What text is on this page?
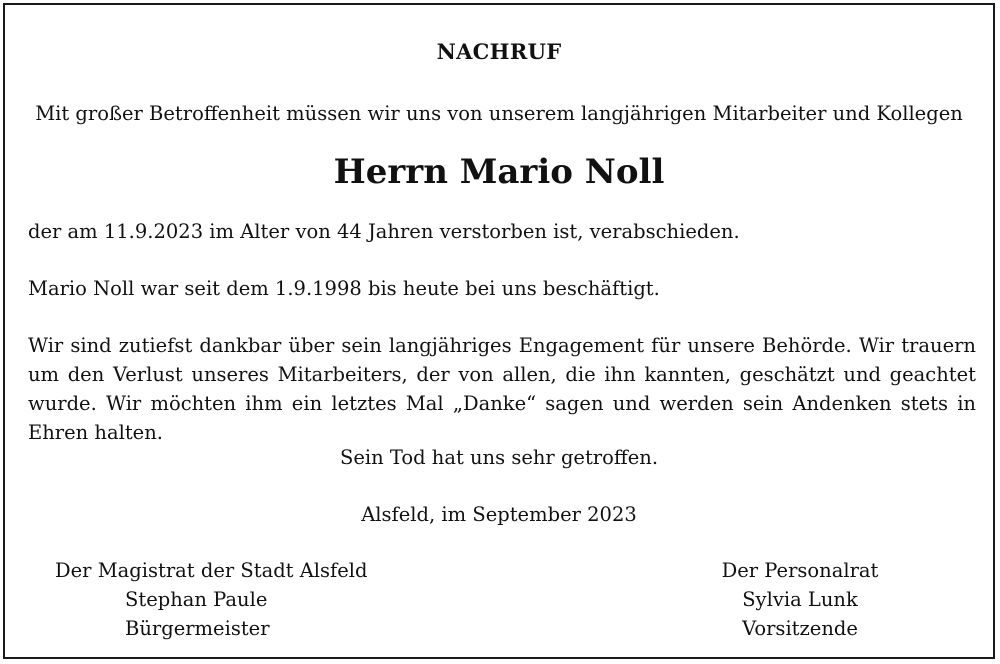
NACHRUF
Mit großer Betroffenheit müssen wir uns von unserem langjährigen Mitarbeiter und Kollegen
Herrn Mario Noll
der am 11.9.2023 im Alter von 44 Jahren verstorben ist, verabschieden.
Mario Noll war seit dem 1.9.1998 bis heute bei uns beschäftigt.
Wir sind zutiefst dankbar über sein langjähriges Engagement für unsere Behörde. Wir trauern um den Verlust unseres Mitarbeiters, der von allen, die ihn kannten, geschätzt und geachtet wurde. Wir möchten ihm ein letztes Mal „Danke“ sagen und werden sein Andenken stets in Ehren halten.
Sein Tod hat uns sehr getroffen.
Alsfeld, im September 2023
Der Magistrat der Stadt Alsfeld
Stephan Paule
Bürgermeister
Der Personalrat
Sylvia Lunk
Vorsitzende
